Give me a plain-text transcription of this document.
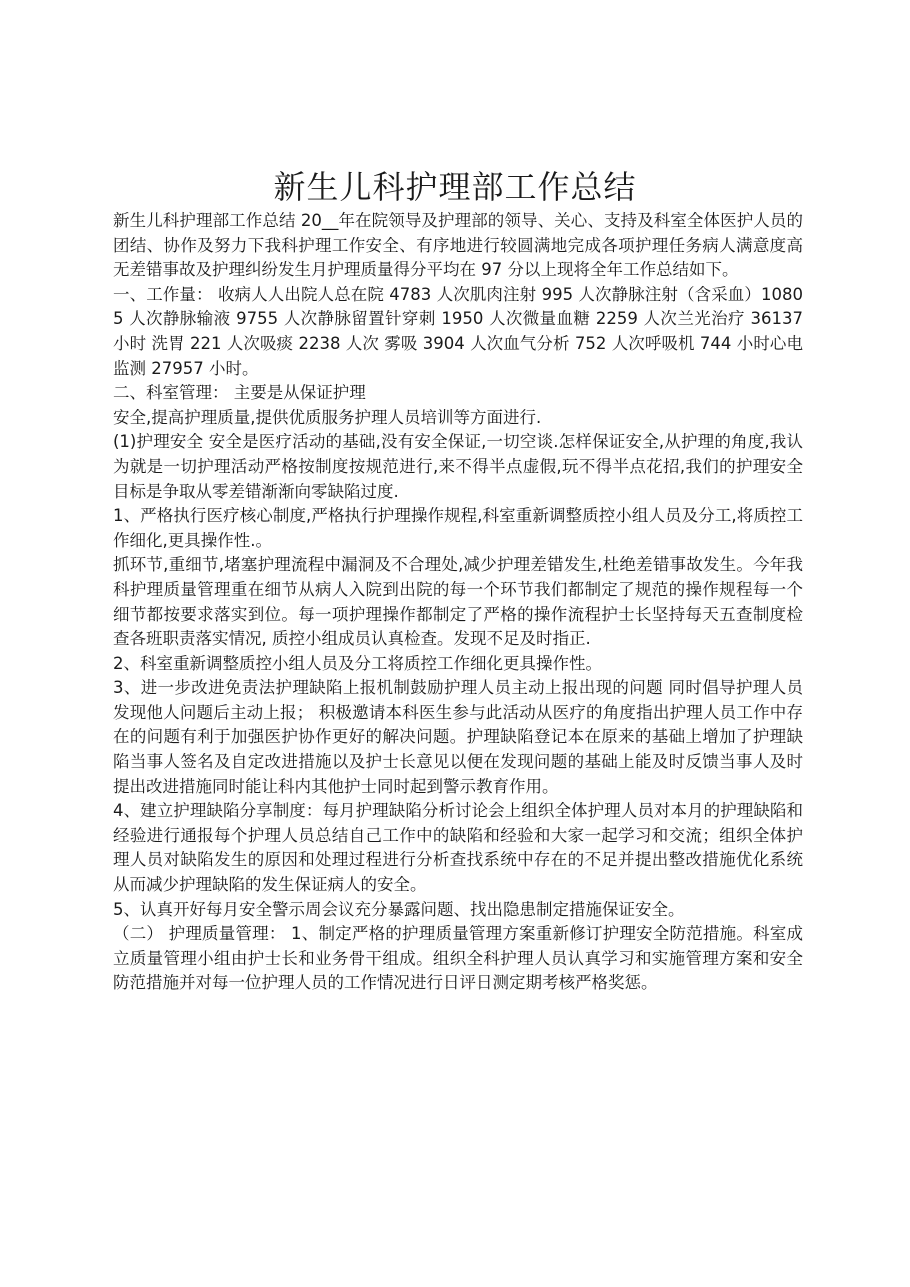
新生儿科护理部工作总结

新生儿科护理部工作总结 20__年在院领导及护理部的领导、关心、支持及科室全体医护人员的团结、协作及努力下我科护理工作安全、有序地进行较圆满地完成各项护理任务病人满意度高无差错事故及护理纠纷发生月护理质量得分平均在 97 分以上现将全年工作总结如下。

一、工作量： 收病人人出院人总在院 4783 人次肌肉注射 995 人次静脉注射（含采血）10805 人次静脉输液 9755 人次静脉留置针穿刺 1950 人次微量血糖 2259 人次兰光治疗 36137 小时 洗胃 221 人次吸痰 2238 人次 雾吸 3904 人次血气分析 752 人次呼吸机 744 小时心电监测 27957 小时。

二、科室管理： 主要是从保证护理

安全,提高护理质量,提供优质服务护理人员培训等方面进行.

(1)护理安全 安全是医疗活动的基础,没有安全保证,一切空谈.怎样保证安全,从护理的角度,我认为就是一切护理活动严格按制度按规范进行,来不得半点虚假,玩不得半点花招,我们的护理安全目标是争取从零差错渐渐向零缺陷过度.

1、严格执行医疗核心制度,严格执行护理操作规程,科室重新调整质控小组人员及分工,将质控工作细化,更具操作性.。

抓环节,重细节,堵塞护理流程中漏洞及不合理处,减少护理差错发生,杜绝差错事故发生。今年我科护理质量管理重在细节从病人入院到出院的每一个环节我们都制定了规范的操作规程每一个细节都按要求落实到位。每一项护理操作都制定了严格的操作流程护士长坚持每天五查制度检查各班职责落实情况, 质控小组成员认真检查。发现不足及时指正.

2、科室重新调整质控小组人员及分工将质控工作细化更具操作性。

3、进一步改进免责法护理缺陷上报机制鼓励护理人员主动上报出现的问题 同时倡导护理人员发现他人问题后主动上报； 积极邀请本科医生参与此活动从医疗的角度指出护理人员工作中存在的问题有利于加强医护协作更好的解决问题。护理缺陷登记本在原来的基础上增加了护理缺陷当事人签名及自定改进措施以及护士长意见以便在发现问题的基础上能及时反馈当事人及时提出改进措施同时能让科内其他护士同时起到警示教育作用。

4、建立护理缺陷分享制度：每月护理缺陷分析讨论会上组织全体护理人员对本月的护理缺陷和经验进行通报每个护理人员总结自己工作中的缺陷和经验和大家一起学习和交流；组织全体护理人员对缺陷发生的原因和处理过程进行分析查找系统中存在的不足并提出整改措施优化系统从而减少护理缺陷的发生保证病人的安全。

5、认真开好每月安全警示周会议充分暴露问题、找出隐患制定措施保证安全。

（二） 护理质量管理： 1、制定严格的护理质量管理方案重新修订护理安全防范措施。科室成立质量管理小组由护士长和业务骨干组成。组织全科护理人员认真学习和实施管理方案和安全防范措施并对每一位护理人员的工作情况进行日评日测定期考核严格奖惩。
